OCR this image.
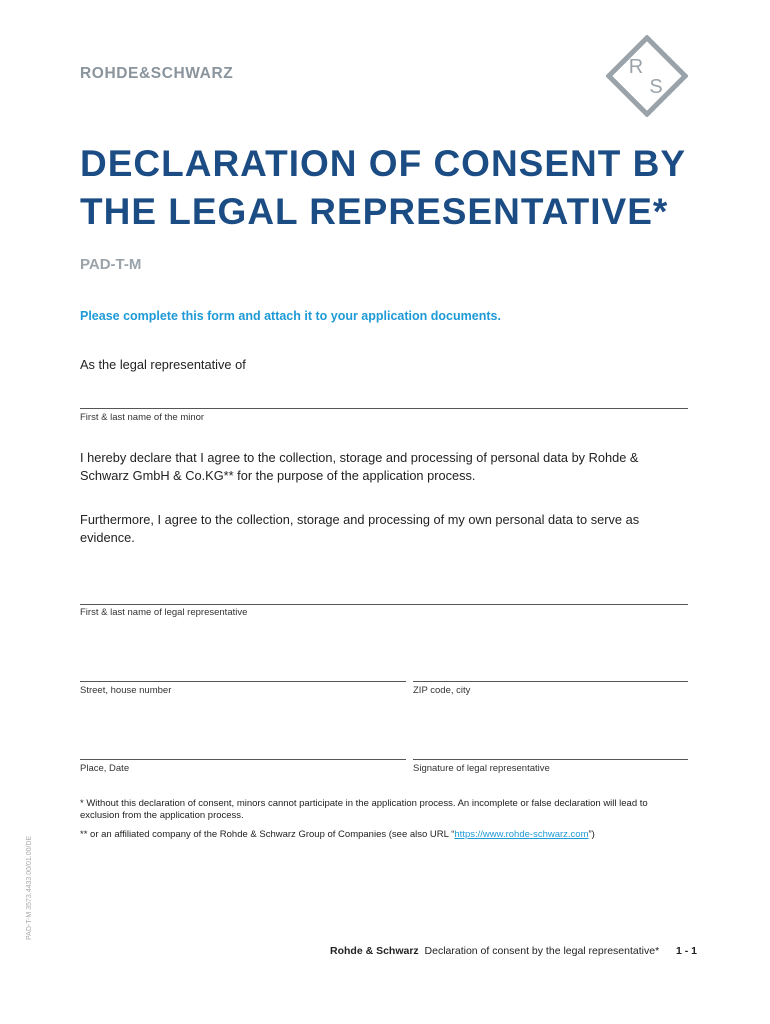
ROHDE&SCHWARZ	R
S
DECLARATION OF CONSENT BY
THE LEGAL REPRESENTATIVE*
PAD-T-M
Please complete this form and attach it to your application documents.
As the legal representative of
First & last name of the minor
I hereby declare that I agree to the collection, storage and processing of personal data by Rohde & Schwarz GmbH & Co.KG** for the purpose of the application process.
Furthermore, I agree to the collection, storage and processing of my own personal data to serve as evidence.
First & last name of legal representative
Street, house number	ZIP code, city
Place, Date	Signature of legal representative
* Without this declaration of consent, minors cannot participate in the application process. An incomplete or false declaration will lead to exclusion from the application process.
** or an affiliated company of the Rohde & Schwarz Group of Companies (see also URL “https://www.rohde-schwarz.com”)
PAD-T-M 3573.4433.00/01.00/DE
Rohde & Schwarz Declaration of consent by the legal representative* 1 - 1
